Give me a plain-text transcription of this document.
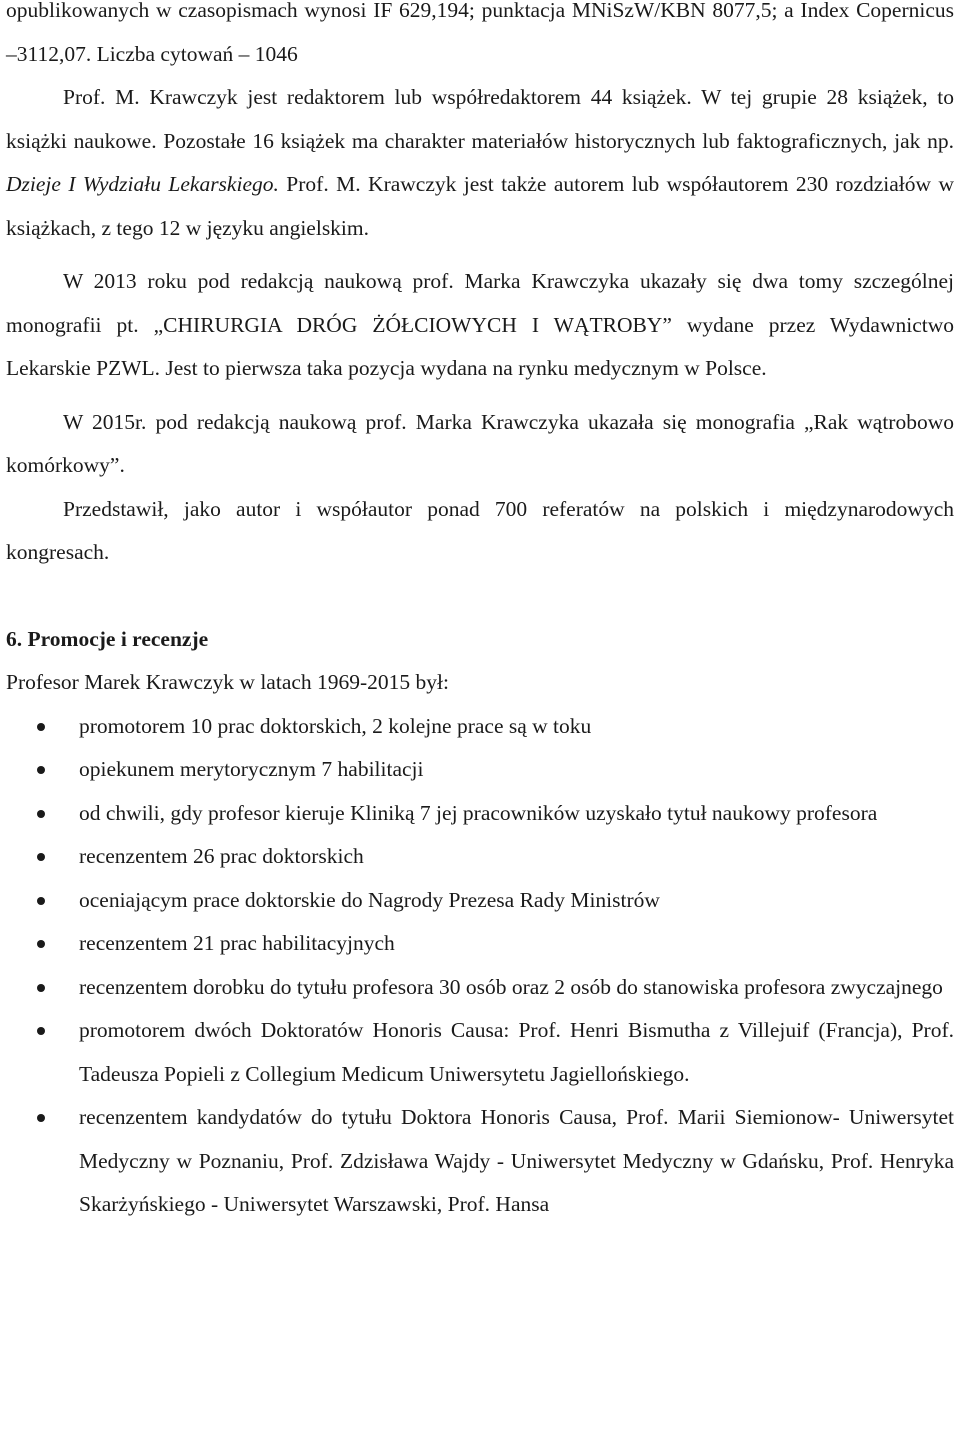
opublikowanych w czasopismach wynosi IF 629,194; punktacja MNiSzW/KBN 8077,5; a Index Copernicus –3112,07. Liczba cytowań – 1046

Prof. M. Krawczyk jest redaktorem lub współredaktorem 44 książek. W tej grupie 28 książek, to książki naukowe. Pozostałe 16 książek ma charakter materiałów historycznych lub faktograficznych, jak np. Dzieje I Wydziału Lekarskiego. Prof. M. Krawczyk jest także autorem lub współautorem 230 rozdziałów w książkach, z tego 12 w języku angielskim.

W 2013 roku pod redakcją naukową prof. Marka Krawczyka ukazały się dwa tomy szczególnej monografii pt. „CHIRURGIA DRÓG ŻÓŁCIOWYCH I WĄTROBY” wydane przez Wydawnictwo Lekarskie PZWL. Jest to pierwsza taka pozycja wydana na rynku medycznym w Polsce.

W 2015r. pod redakcją naukową prof. Marka Krawczyka ukazała się monografia „Rak wątrobowo komórkowy”.

Przedstawił, jako autor i współautor ponad 700 referatów na polskich i międzynarodowych kongresach.

6. Promocje i recenzje

Profesor Marek Krawczyk w latach 1969-2015 był:

promotorem 10 prac doktorskich, 2 kolejne prace są w toku
opiekunem merytorycznym 7 habilitacji
od chwili, gdy profesor kieruje Kliniką 7 jej pracowników uzyskało tytuł naukowy profesora
recenzentem 26 prac doktorskich
oceniającym prace doktorskie do Nagrody Prezesa Rady Ministrów
recenzentem 21 prac habilitacyjnych
recenzentem dorobku do tytułu profesora 30 osób oraz 2 osób do stanowiska profesora zwyczajnego
promotorem dwóch Doktoratów Honoris Causa: Prof. Henri Bismutha z Villejuif (Francja), Prof. Tadeusza Popieli z Collegium Medicum Uniwersytetu Jagiellońskiego.
recenzentem kandydatów do tytułu Doktora Honoris Causa, Prof. Marii Siemionow- Uniwersytet Medyczny w Poznaniu, Prof. Zdzisława Wajdy - Uniwersytet Medyczny w Gdańsku, Prof. Henryka Skarżyńskiego - Uniwersytet Warszawski, Prof. Hansa
